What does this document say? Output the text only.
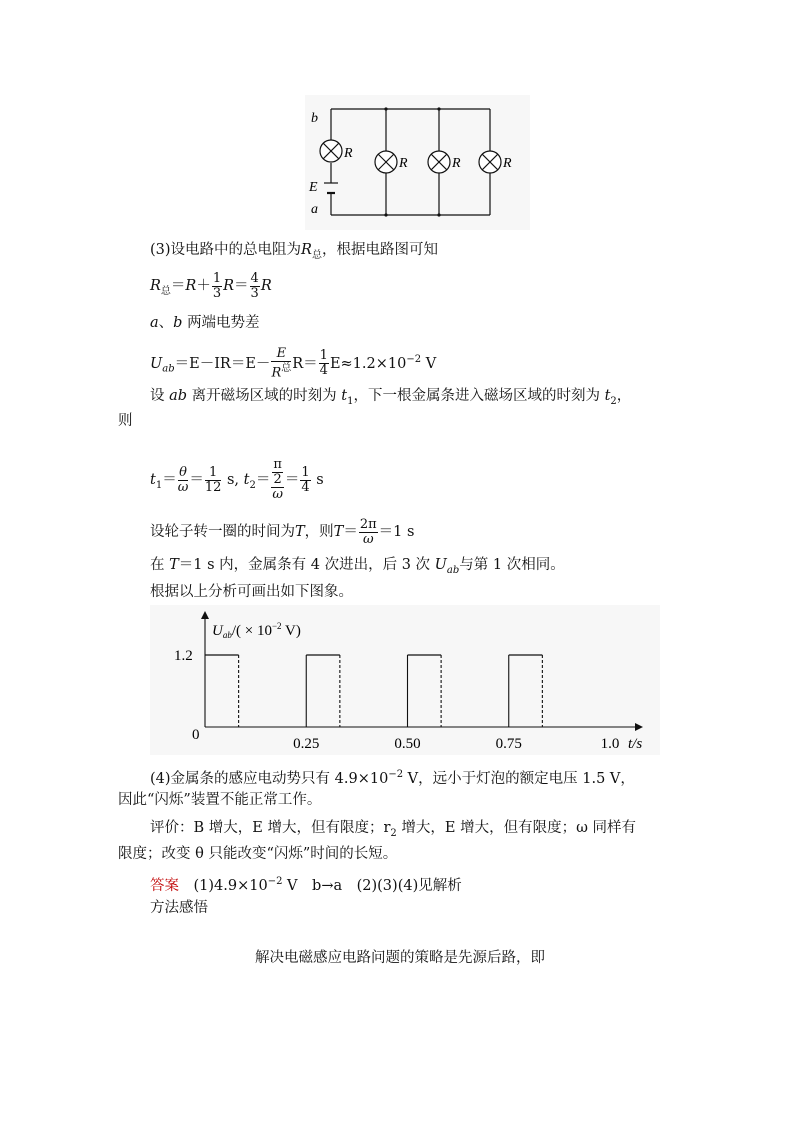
b
E
a
R
R	R	R
(3)设电路中的总电阻为$R_总$，根据电路图可知
$R_总=R+ \frac{1}{3} R= \frac{4}{3}$ R
a、b 两端电势差
$U_{ab}=E-IR=E- \frac{E}{R^总} R= \frac{1}{4} E\approx 1.2\times 10^{-2}$ V
设 ab 离开磁场区域的时刻为 $t_1$，下一根金属条进入磁场区域的时刻为 $t_2$，
则
$t_1= \frac{\theta}{\omega} = \frac{1}{12} s$, $t_2= \frac{\frac{\pi}{2}}{\omega} = \frac{1}{4}$ s
设轮子转一圈的时间为T，则$T= \frac{2\pi}{\omega} =1$ s
在 T＝1 s 内，金属条有 4 次进出，后 3 次 $U_{ab}$与第 1 次相同。
根据以上分析可画出如下图象。
$U_{ab}/( \times 10^{-2}$ V)
t/s
0
1.2
0.25	0.50	0.75	1.0
(4)金属条的感应电动势只有 $4.9\times 10^{-2}$ V，远小于灯泡的额定电压 1.5 V，
因此“闪烁”装置不能正常工作。
评价：B 增大，E 增大，但有限度；$r_2$ 增大，E 增大，但有限度；ω 同样有
限度；改变 θ 只能改变“闪烁”时间的长短。
答案　 $(1)4.9\times 10^{-2}$ V　b→a　(2)(3)(4)见解析
方法感悟
解决电磁感应电路问题的策略是先源后路，即
